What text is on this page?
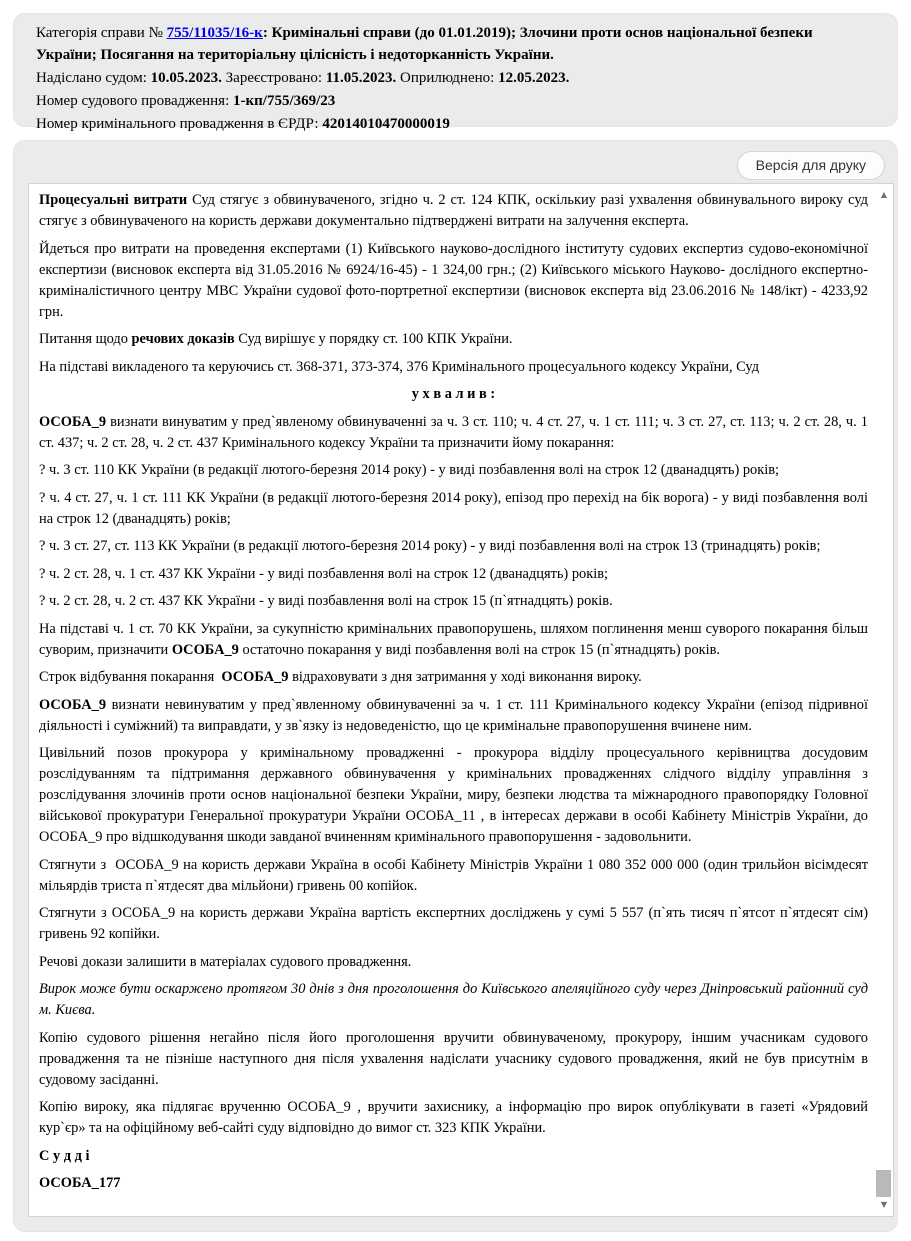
Категорія справи № 755/11035/16-к: Кримінальні справи (до 01.01.2019); Злочини проти основ національної безпеки України; Посягання на територіальну цілісність і недоторканність України.

Надіслано судом: 10.05.2023. Зареєстровано: 11.05.2023. Оприлюднено: 12.05.2023.

Номер судового провадження: 1-кп/755/369/23

Номер кримінального провадження в ЄРДР: 42014010470000019

Версія для друку

Процесуальні витрати Суд стягує з обвинуваченого, згідно ч. 2 ст. 124 КПК, оскількиу разі ухвалення обвинувального вироку суд стягує з обвинуваченого на користь держави документально підтверджені витрати на залучення експерта.

Йдеться про витрати на проведення експертами (1) Київського науково-дослідного інституту судових експертиз судово-економічної експертизи (висновок експерта від 31.05.2016 № 6924/16-45) - 1 324,00 грн.; (2) Київського міського Науково- дослідного експертно-криміналістичного центру МВС України судової фото-портретної експертизи (висновок експерта від 23.06.2016 № 148/ікт) - 4233,92 грн.

Питання щодо речових доказів Суд вирішує у порядку ст. 100 КПК України.

На підставі викладеного та керуючись ст. 368-371, 373-374, 376 Кримінального процесуального кодексу України, Суд

у х в а л и в :

ОСОБА_9 визнати винуватим у пред`явленому обвинуваченні за ч. 3 ст. 110; ч. 4 ст. 27, ч. 1 ст. 111; ч. 3 ст. 27, ст. 113; ч. 2 ст. 28, ч. 1 ст. 437; ч. 2 ст. 28, ч. 2 ст. 437 Кримінального кодексу України та призначити йому покарання:

? ч. 3 ст. 110 КК України (в редакції лютого-березня 2014 року) - у виді позбавлення волі на строк 12 (дванадцять) років;

? ч. 4 ст. 27, ч. 1 ст. 111 КК України (в редакції лютого-березня 2014 року), епізод про перехід на бік ворога) - у виді позбавлення волі на строк 12 (дванадцять) років;

? ч. 3 ст. 27, ст. 113 КК України (в редакції лютого-березня 2014 року) - у виді позбавлення волі на строк 13 (тринадцять) років;

? ч. 2 ст. 28, ч. 1 ст. 437 КК України - у виді позбавлення волі на строк 12 (дванадцять) років;

? ч. 2 ст. 28, ч. 2 ст. 437 КК України - у виді позбавлення волі на строк 15 (п`ятнадцять) років.

На підставі ч. 1 ст. 70 КК України, за сукупністю кримінальних правопорушень, шляхом поглинення менш суворого покарання більш суворим, призначити ОСОБА_9 остаточно покарання у виді позбавлення волі на строк 15 (п`ятнадцять) років.

Строк відбування покарання  ОСОБА_9 відраховувати з дня затримання у ході виконання вироку.

ОСОБА_9 визнати невинуватим у пред`явленному обвинуваченні за ч. 1 ст. 111 Кримінального кодексу України (епізод підривної діяльності і суміжний) та виправдати, у зв`язку із недоведеністю, що це кримінальне правопорушення вчинене ним.

Цивільний позов прокурора у кримінальному провадженні - прокурора відділу процесуального керівництва досудовим розслідуванням та підтримання державного обвинувачення у кримінальних провадженнях слідчого відділу управління з розслідування злочинів проти основ національної безпеки України, миру, безпеки людства та міжнародного правопорядку Головної військової прокуратури Генеральної прокуратури України ОСОБА_11 , в інтересах держави в особі Кабінету Міністрів України, до ОСОБА_9 про відшкодування шкоди завданої вчиненням кримінального правопорушення - задовольнити.

Стягнути з  ОСОБА_9 на користь держави Україна в особі Кабінету Міністрів України 1 080 352 000 000 (один трильйон вісімдесят мільярдів триста п`ятдесят два мільйони) гривень 00 копійок.

Стягнути з ОСОБА_9 на користь держави Україна вартість експертних досліджень у сумі 5 557 (п`ять тисяч п`ятсот п`ятдесят сім) гривень 92 копійки.

Речові докази залишити в матеріалах судового провадження.

Вирок може бути оскаржено протягом 30 днів з дня проголошення до Київського апеляційного суду через Дніпровський районний суд м. Києва.

Копію судового рішення негайно після його проголошення вручити обвинуваченому, прокурору, іншим учасникам судового провадження та не пізніше наступного дня після ухвалення надіслати учаснику судового провадження, який не був присутнім в судовому засіданні.

Копію вироку, яка підлягає врученню ОСОБА_9 , вручити захиснику, а інформацію про вирок опублікувати в газеті «Урядовий кур`єр» та на офіційному веб-сайті суду відповідно до вимог ст. 323 КПК України.

С у д д і

ОСОБА_177

▲
▼
